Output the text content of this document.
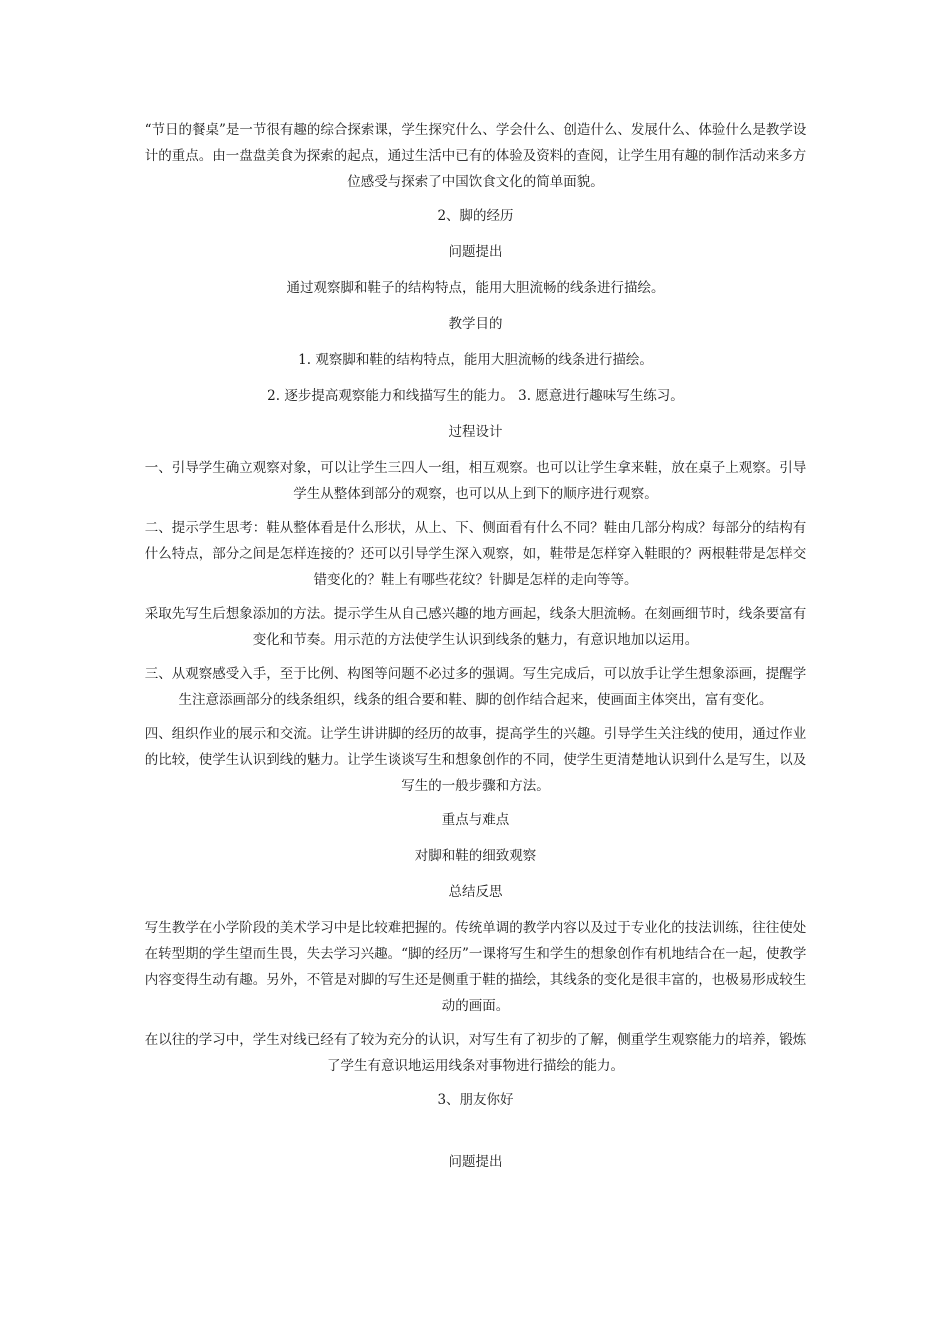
“节日的餐桌”是一节很有趣的综合探索课，学生探究什么、学会什么、创造什么、发展什么、体验什么是教学设计的重点。由一盘盘美食为探索的起点，通过生活中已有的体验及资料的查阅，让学生用有趣的制作活动来多方位感受与探索了中国饮食文化的简单面貌。

2、脚的经历

问题提出

通过观察脚和鞋子的结构特点，能用大胆流畅的线条进行描绘。

教学目的

1. 观察脚和鞋的结构特点，能用大胆流畅的线条进行描绘。

2. 逐步提高观察能力和线描写生的能力。 3. 愿意进行趣味写生练习。

过程设计

一、引导学生确立观察对象，可以让学生三四人一组，相互观察。也可以让学生拿来鞋，放在桌子上观察。引导学生从整体到部分的观察，也可以从上到下的顺序进行观察。

二、提示学生思考：鞋从整体看是什么形状，从上、下、侧面看有什么不同？鞋由几部分构成？每部分的结构有什么特点，部分之间是怎样连接的？还可以引导学生深入观察，如，鞋带是怎样穿入鞋眼的？两根鞋带是怎样交错变化的？鞋上有哪些花纹？针脚是怎样的走向等等。

采取先写生后想象添加的方法。提示学生从自己感兴趣的地方画起，线条大胆流畅。在刻画细节时，线条要富有变化和节奏。用示范的方法使学生认识到线条的魅力，有意识地加以运用。

三、从观察感受入手，至于比例、构图等问题不必过多的强调。写生完成后，可以放手让学生想象添画，提醒学生注意添画部分的线条组织，线条的组合要和鞋、脚的创作结合起来，使画面主体突出，富有变化。

四、组织作业的展示和交流。让学生讲讲脚的经历的故事，提高学生的兴趣。引导学生关注线的使用，通过作业的比较，使学生认识到线的魅力。让学生谈谈写生和想象创作的不同，使学生更清楚地认识到什么是写生，以及写生的一般步骤和方法。

重点与难点

对脚和鞋的细致观察

总结反思

写生教学在小学阶段的美术学习中是比较难把握的。传统单调的教学内容以及过于专业化的技法训练，往往使处在转型期的学生望而生畏，失去学习兴趣。“脚的经历”一课将写生和学生的想象创作有机地结合在一起，使教学内容变得生动有趣。另外，不管是对脚的写生还是侧重于鞋的描绘，其线条的变化是很丰富的，也极易形成较生动的画面。

在以往的学习中，学生对线已经有了较为充分的认识，对写生有了初步的了解，侧重学生观察能力的培养，锻炼了学生有意识地运用线条对事物进行描绘的能力。

3、朋友你好

问题提出
